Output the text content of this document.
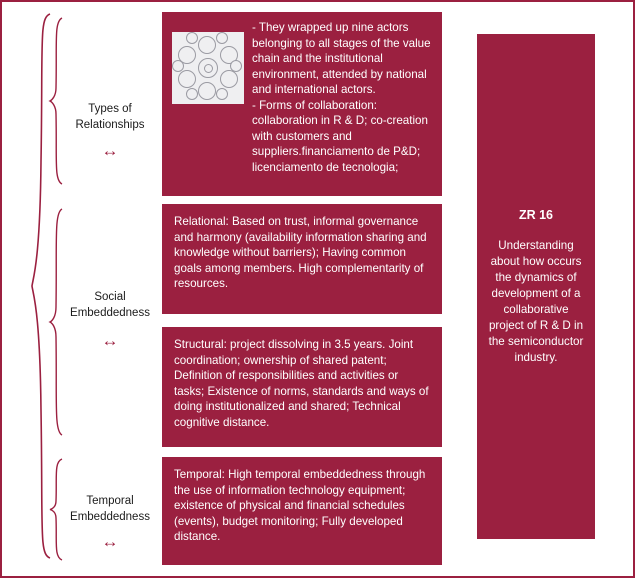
Types of
Relationships
↔
Social
Embeddedness
↔
Temporal
Embeddedness
↔
- They wrapped up nine actors belonging to all stages of the value chain and the institutional environment, attended by national and international actors.
- Forms of collaboration: collaboration in R & D; co-creation with customers and suppliers.financiamento de P&D; licenciamento de tecnologia;
Relational: Based on trust, informal governance and harmony (availability information sharing and knowledge without barriers); Having common goals among members. High complementarity of resources.
Structural: project dissolving in 3.5 years. Joint coordination; ownership of shared patent; Definition of responsibilities and activities or tasks; Existence of norms, standards and ways of doing institutionalized and shared; Technical cognitive distance.
Temporal: High temporal embeddedness through the use of information technology equipment; existence of physical and financial schedules (events), budget monitoring; Fully developed distance.
ZR 16
Understanding about how occurs the dynamics of development of a collaborative project of R & D in the semiconductor industry.
